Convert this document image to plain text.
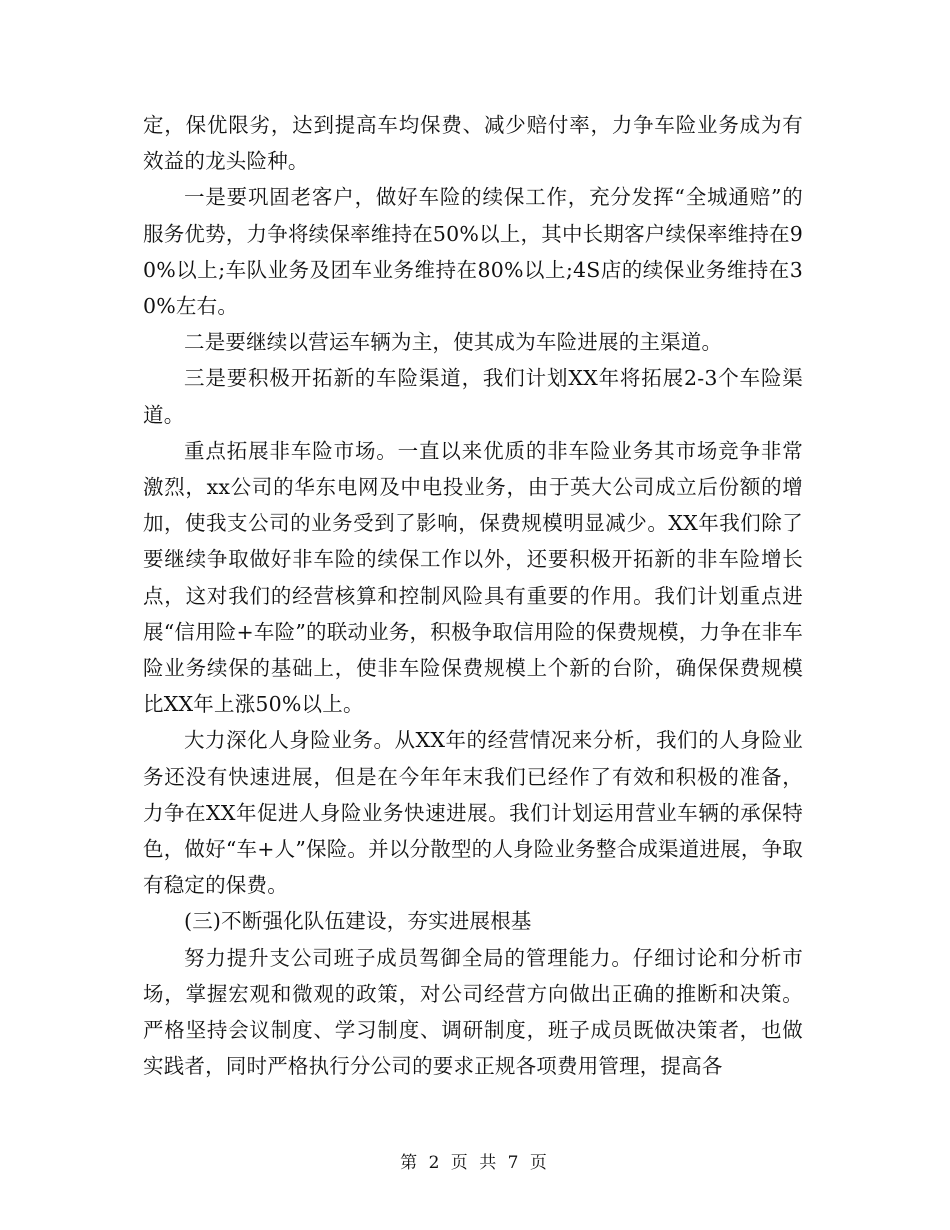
定，保优限劣，达到提高车均保费、减少赔付率，力争车险业务成为有效益的龙头险种。

一是要巩固老客户，做好车险的续保工作，充分发挥“全城通赔”的服务优势，力争将续保率维持在50%以上，其中长期客户续保率维持在90%以上;车队业务及团车业务维持在80%以上;4S店的续保业务维持在30%左右。

二是要继续以营运车辆为主，使其成为车险进展的主渠道。

三是要积极开拓新的车险渠道，我们计划XX年将拓展2-3个车险渠道。

重点拓展非车险市场。一直以来优质的非车险业务其市场竞争非常激烈，xx公司的华东电网及中电投业务，由于英大公司成立后份额的增加，使我支公司的业务受到了影响，保费规模明显减少。XX年我们除了要继续争取做好非车险的续保工作以外，还要积极开拓新的非车险增长点，这对我们的经营核算和控制风险具有重要的作用。我们计划重点进展“信用险+车险”的联动业务，积极争取信用险的保费规模，力争在非车险业务续保的基础上，使非车险保费规模上个新的台阶，确保保费规模比XX年上涨50%以上。

大力深化人身险业务。从XX年的经营情况来分析，我们的人身险业务还没有快速进展，但是在今年年末我们已经作了有效和积极的准备，力争在XX年促进人身险业务快速进展。我们计划运用营业车辆的承保特色，做好“车+人”保险。并以分散型的人身险业务整合成渠道进展，争取有稳定的保费。

(三)不断强化队伍建设，夯实进展根基

努力提升支公司班子成员驾御全局的管理能力。仔细讨论和分析市场，掌握宏观和微观的政策，对公司经营方向做出正确的推断和决策。严格坚持会议制度、学习制度、调研制度，班子成员既做决策者，也做实践者，同时严格执行分公司的要求正规各项费用管理，提高各

第 2 页 共 7 页
